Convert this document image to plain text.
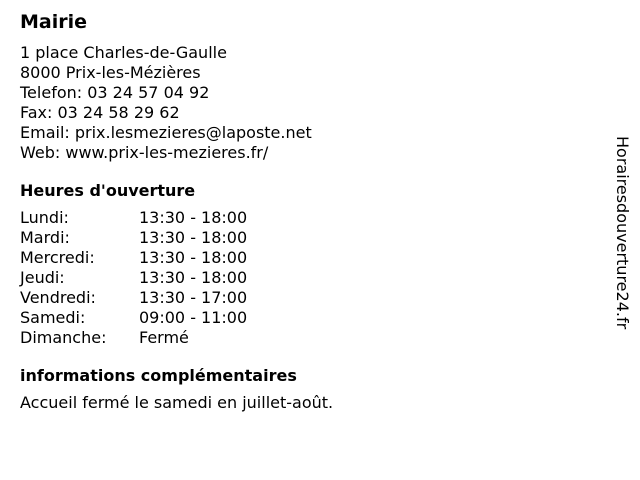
Mairie
1 place Charles-de-Gaulle
8000 Prix-les-Mézières
Telefon: 03 24 57 04 92
Fax: 03 24 58 29 62
Email: prix.lesmezieres@laposte.net
Web: www.prix-les-mezieres.fr/
Heures d'ouverture
Lundi:	13:30 - 18:00
Mardi:	13:30 - 18:00
Mercredi:	13:30 - 18:00
Jeudi:	13:30 - 18:00
Vendredi:	13:30 - 17:00
Samedi:	09:00 - 11:00
Dimanche:	Fermé
informations complémentaires
Accueil fermé le samedi en juillet-août.
Horairesdouverture24.fr
